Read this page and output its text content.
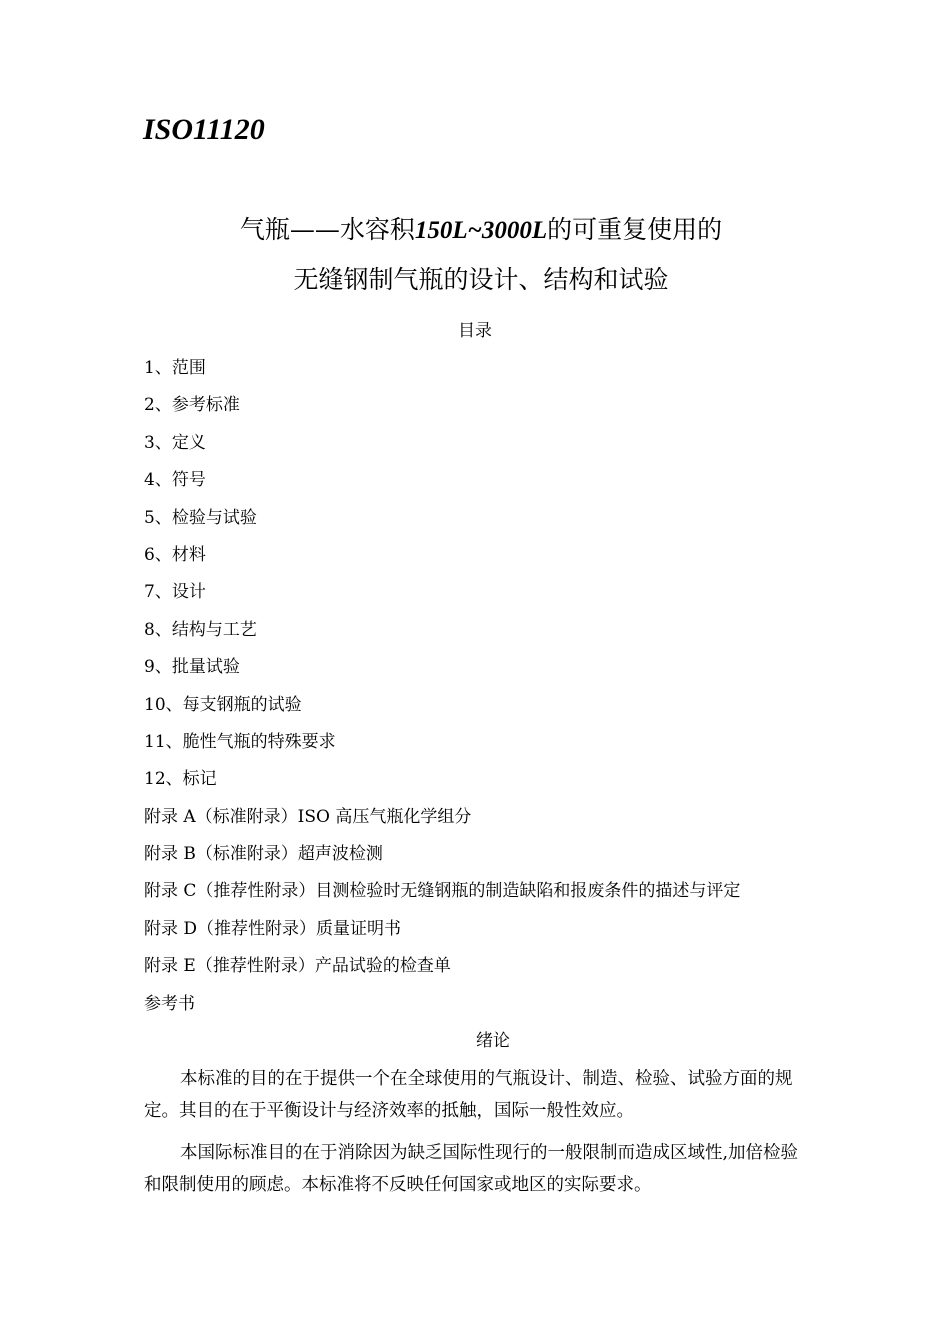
ISO11120
气瓶——水容积150L~3000L的可重复使用的
无缝钢制气瓶的设计、结构和试验
目录
1、范围
2、参考标准
3、定义
4、符号
5、检验与试验
6、材料
7、设计
8、结构与工艺
9、批量试验
10、每支钢瓶的试验
11、脆性气瓶的特殊要求
12、标记
附录 A（标准附录）ISO 高压气瓶化学组分
附录 B（标准附录）超声波检测
附录 C（推荐性附录）目测检验时无缝钢瓶的制造缺陷和报废条件的描述与评定
附录 D（推荐性附录）质量证明书
附录 E（推荐性附录）产品试验的检查单
参考书
绪论

本标准的目的在于提供一个在全球使用的气瓶设计、制造、检验、试验方面的规定。其目的在于平衡设计与经济效率的抵触，国际一般性效应。

本国际标准目的在于消除因为缺乏国际性现行的一般限制而造成区域性,加倍检验和限制使用的顾虑。本标准将不反映任何国家或地区的实际要求。
